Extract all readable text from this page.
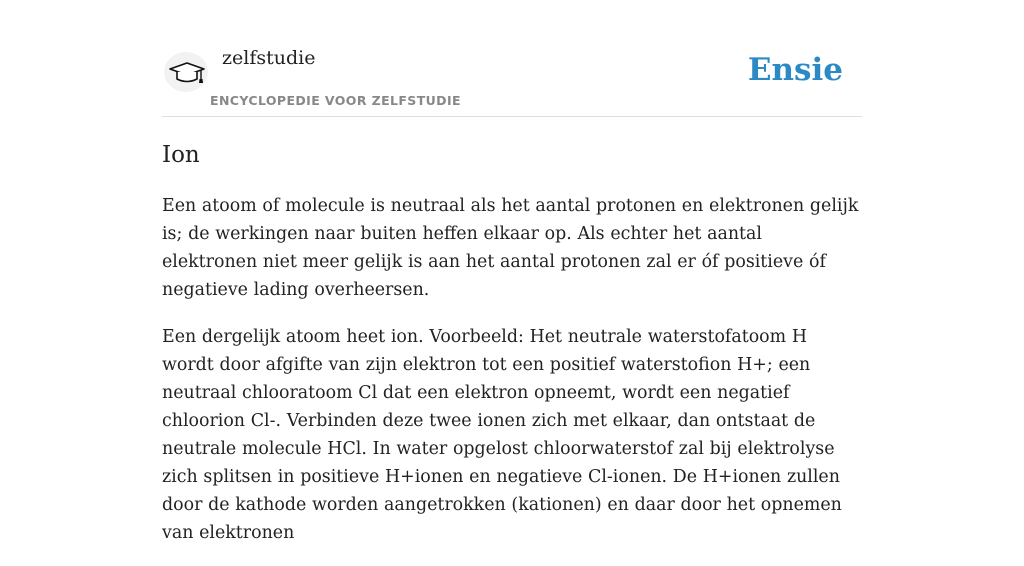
zelfstudie
ENCYCLOPEDIE VOOR ZELFSTUDIE
Ensie
Ion

Een atoom of molecule is neutraal als het aantal protonen en elektronen gelijk is; de werkingen naar buiten heffen elkaar op. Als echter het aantal elektronen niet meer gelijk is aan het aantal protonen zal er óf positieve óf negatieve lading overheersen.

Een dergelijk atoom heet ion. Voorbeeld: Het neutrale waterstofatoom H wordt door afgifte van zijn elektron tot een positief waterstofion H+; een neutraal chlooratoom Cl dat een elektron opneemt, wordt een negatief chloorion Cl-. Verbinden deze twee ionen zich met elkaar, dan ontstaat de neutrale molecule HCl. In water opgelost chloorwaterstof zal bij elektrolyse zich splitsen in positieve H+ionen en negatieve Cl-ionen. De H+ionen zullen door de kathode worden aangetrokken (kationen) en daar door het opnemen van elektronen
